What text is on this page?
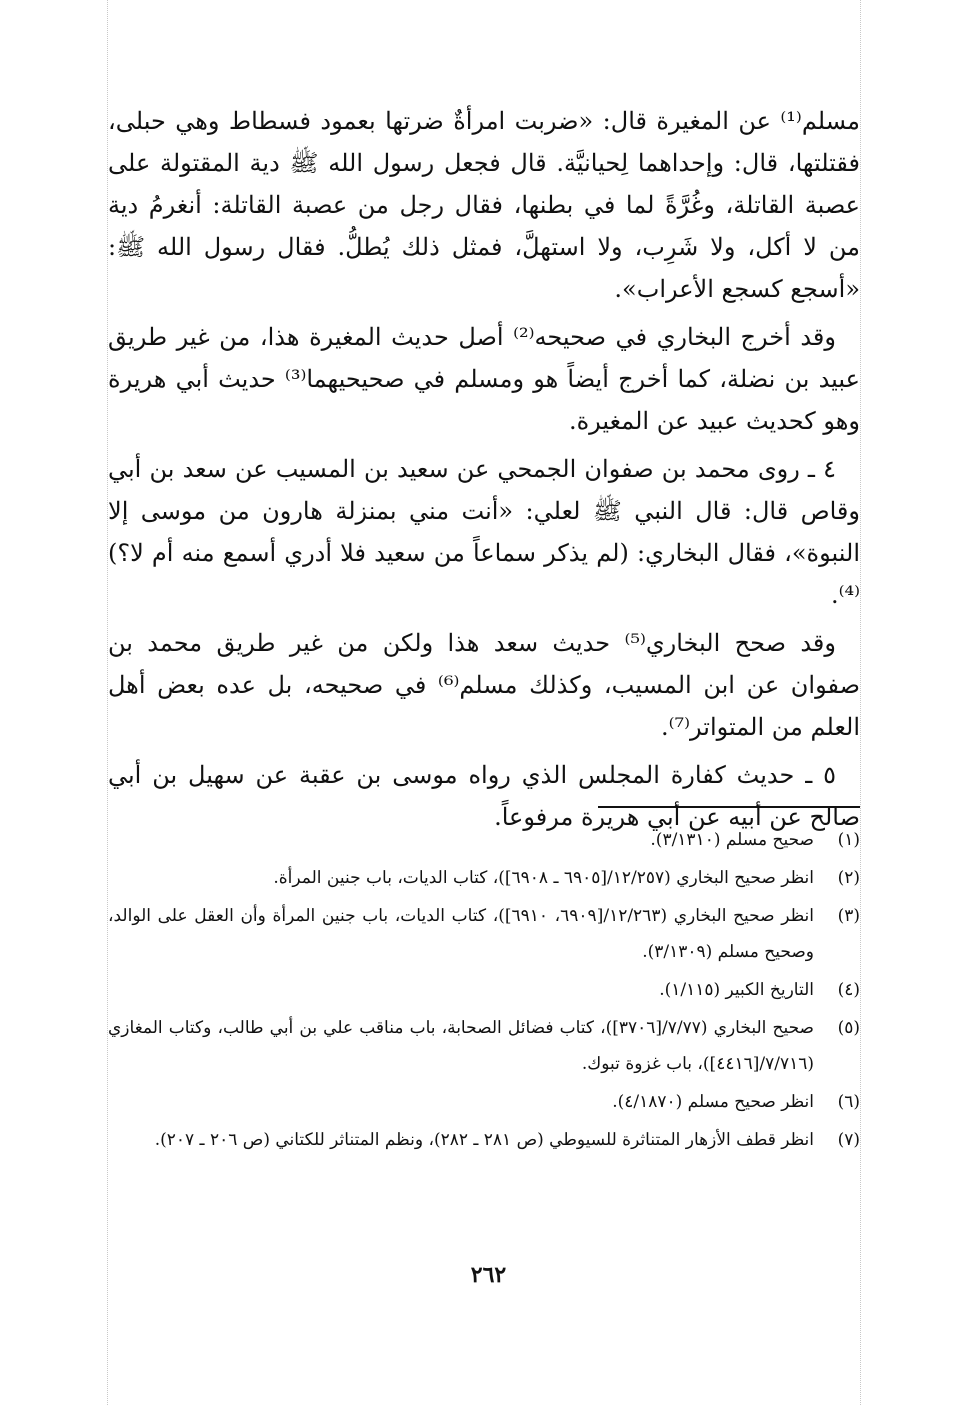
مسلم⁽¹⁾ عن المغيرة قال: «ضربت امرأةٌ ضرتها بعمود فسطاط وهي حبلى، فقتلتها، قال: وإحداهما لِحيانيَّة. قال فجعل رسول الله ﷺ دية المقتولة على عصبة القاتلة، وغُرَّةً لما في بطنها، فقال رجل من عصبة القاتلة: أنغرمُ دية من لا أكل، ولا شَرِب، ولا استهلَّ، فمثل ذلك يُطلُّ. فقال رسول الله ﷺ: «أسجع كسجع الأعراب».

وقد أخرج البخاري في صحيحه⁽²⁾ أصل حديث المغيرة هذا، من غير طريق عبيد بن نضلة، كما أخرج أيضاً هو ومسلم في صحيحيهما⁽³⁾ حديث أبي هريرة وهو كحديث عبيد عن المغيرة.

٤ ـ روى محمد بن صفوان الجمحي عن سعيد بن المسيب عن سعد بن أبي وقاص قال: قال النبي ﷺ لعلي: «أنت مني بمنزلة هارون من موسى إلا النبوة»، فقال البخاري: (لم يذكر سماعاً من سعيد فلا أدري أسمع منه أم لا؟)⁽⁴⁾.

وقد صحح البخاري⁽⁵⁾ حديث سعد هذا ولكن من غير طريق محمد بن صفوان عن ابن المسيب، وكذلك مسلم⁽⁶⁾ في صحيحه، بل عده بعض أهل العلم من المتواتر⁽⁷⁾.

٥ ـ حديث كفارة المجلس الذي رواه موسى بن عقبة عن سهيل بن أبي صالح عن أبيه عن أبي هريرة مرفوعاً.

(١)
صحيح مسلم (٣/١٣١٠).
(٢)
انظر صحيح البخاري (١٢/٢٥٧/[٦٩٠٥ ـ ٦٩٠٨])، كتاب الديات، باب جنين المرأة.
(٣)
انظر صحيح البخاري (١٢/٢٦٣/[٦٩٠٩، ٦٩١٠])، كتاب الديات، باب جنين المرأة وأن العقل على الوالد، وصحيح مسلم (٣/١٣٠٩).
(٤)
التاريخ الكبير (١/١١٥).
(٥)
صحيح البخاري (٧/٧٧/[٣٧٠٦])، كتاب فضائل الصحابة، باب مناقب علي بن أبي طالب، وكتاب المغازي (٧/٧١٦/[٤٤١٦])، باب غزوة تبوك.
(٦)
انظر صحيح مسلم (٤/١٨٧٠).
(٧)
انظر قطف الأزهار المتناثرة للسيوطي (ص ٢٨١ ـ ٢٨٢)، ونظم المتناثر للكتاني (ص ٢٠٦ ـ ٢٠٧).
٢٦٢
